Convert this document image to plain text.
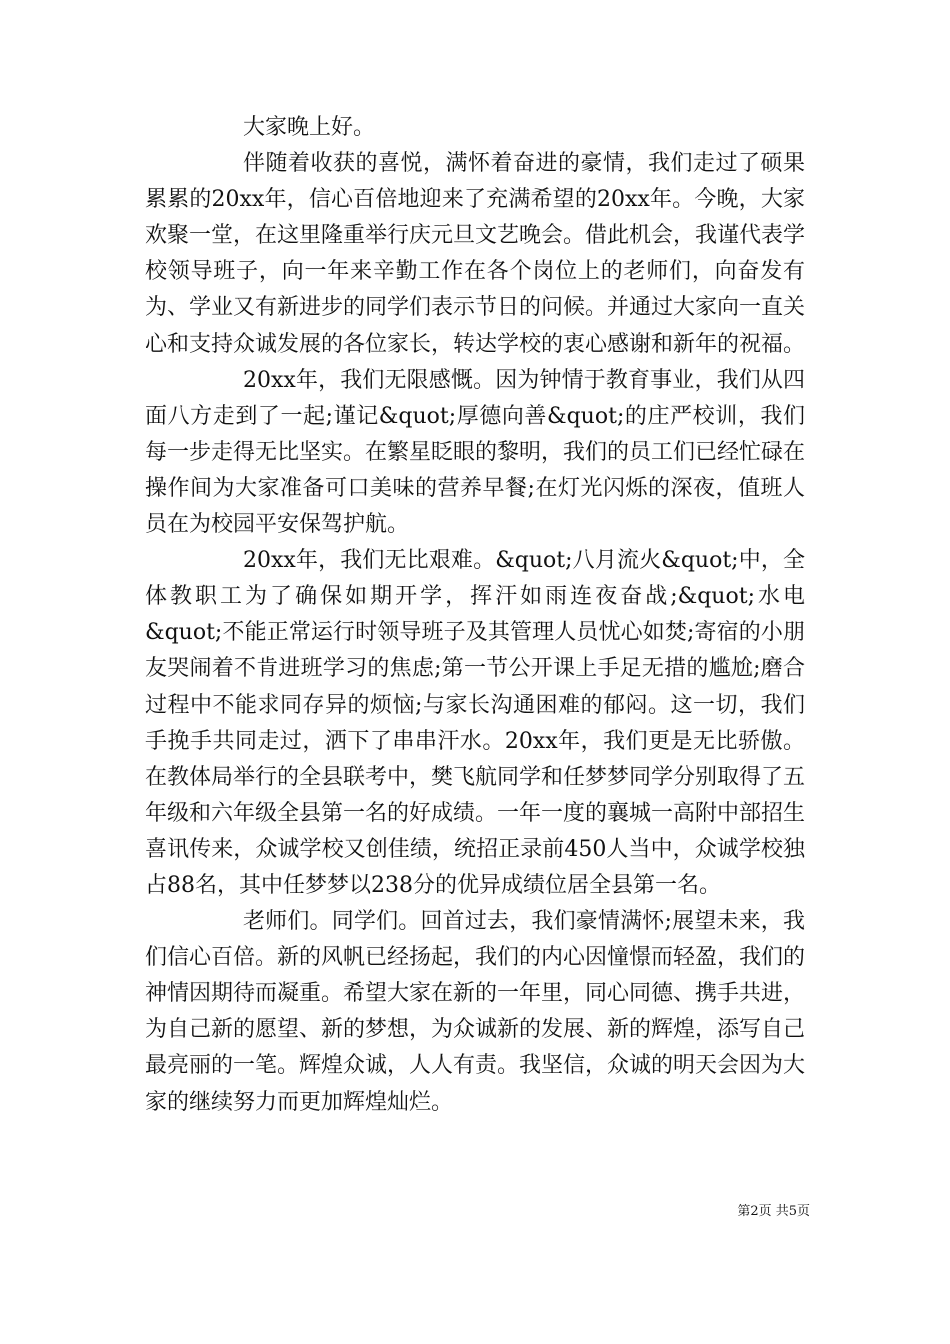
大家晚上好。

伴随着收获的喜悦，满怀着奋进的豪情，我们走过了硕果累累的20xx年，信心百倍地迎来了充满希望的20xx年。今晚，大家欢聚一堂，在这里隆重举行庆元旦文艺晚会。借此机会，我谨代表学校领导班子，向一年来辛勤工作在各个岗位上的老师们，向奋发有为、学业又有新进步的同学们表示节日的问候。并通过大家向一直关心和支持众诚发展的各位家长，转达学校的衷心感谢和新年的祝福。

20xx年，我们无限感慨。因为钟情于教育事业，我们从四面八方走到了一起;谨记&quot;厚德向善&quot;的庄严校训，我们每一步走得无比坚实。在繁星眨眼的黎明，我们的员工们已经忙碌在操作间为大家准备可口美味的营养早餐;在灯光闪烁的深夜，值班人员在为校园平安保驾护航。

20xx年，我们无比艰难。&quot;八月流火&quot;中，全体教职工为了确保如期开学，挥汗如雨连夜奋战;&quot;水电&quot;不能正常运行时领导班子及其管理人员忧心如焚;寄宿的小朋友哭闹着不肯进班学习的焦虑;第一节公开课上手足无措的尴尬;磨合过程中不能求同存异的烦恼;与家长沟通困难的郁闷。这一切，我们手挽手共同走过，洒下了串串汗水。20xx年，我们更是无比骄傲。在教体局举行的全县联考中，樊飞航同学和任梦梦同学分别取得了五年级和六年级全县第一名的好成绩。一年一度的襄城一高附中部招生喜讯传来，众诚学校又创佳绩，统招正录前450人当中，众诚学校独占88名，其中任梦梦以238分的优异成绩位居全县第一名。

老师们。同学们。回首过去，我们豪情满怀;展望未来，我们信心百倍。新的风帆已经扬起，我们的内心因憧憬而轻盈，我们的神情因期待而凝重。希望大家在新的一年里，同心同德、携手共进，为自己新的愿望、新的梦想，为众诚新的发展、新的辉煌，添写自己最亮丽的一笔。辉煌众诚，人人有责。我坚信，众诚的明天会因为大家的继续努力而更加辉煌灿烂。

第2页 共5页
